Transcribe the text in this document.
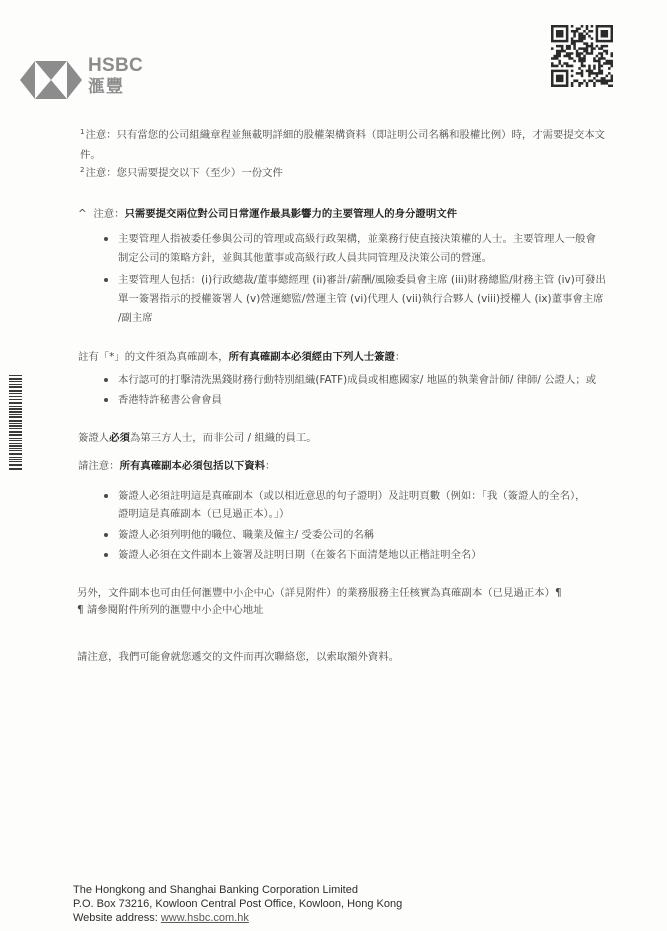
HSBC
滙豐
$^1$注意：只有當您的公司組織章程並無載明詳細的股權架構資料（即註明公司名稱和股權比例）時，才需要提交本文
件。
$^2$注意：您只需要提交以下（至少）一份文件
^ 注意：只需要提交兩位對公司日常運作最具影響力的主要管理人的身分證明文件
主要管理人指被委任參與公司的管理或高級行政架構，並業務行使直接決策權的人士。主要管理人一般會
制定公司的策略方針，並與其他董事或高級行政人員共同管理及決策公司的營運。
主要管理人包括：(i)行政總裁/董事總經理 (ii)審計/薪酬/風險委員會主席 (iii)財務總監/財務主管 (iv)可發出
單一簽署指示的授權簽署人 (v)營運總監/營運主管 (vi)代理人 (vii)執行合夥人 (viii)授權人 (ix)董事會主席
/副主席
註有「*」的文件須為真確副本，所有真確副本必須經由下列人士簽證：
本行認可的打擊清洗黑錢財務行動特別組織(FATF)成員或相應國家/ 地區的執業會計師/ 律師/ 公證人；或
香港特許秘書公會會員
簽證人必須為第三方人士，而非公司 / 組織的員工。
請注意：所有真確副本必須包括以下資料：
簽證人必須註明這是真確副本（或以相近意思的句子證明）及註明頁數（例如：「我（簽證人的全名），
證明這是真確副本（已見過正本）。」）
簽證人必須列明他的職位、職業及僱主/ 受委公司的名稱
簽證人必須在文件副本上簽署及註明日期（在簽名下面清楚地以正楷註明全名）
另外，文件副本也可由任何滙豐中小企中心（詳見附件）的業務服務主任核實為真確副本（已見過正本）¶
¶ 請參閱附件所列的滙豐中小企中心地址
請注意，我們可能會就您遞交的文件而再次聯絡您，以索取額外資料。
The Hongkong and Shanghai Banking Corporation Limited
P.O. Box 73216, Kowloon Central Post Office, Kowloon, Hong Kong
Website address: www.hsbc.com.hk
